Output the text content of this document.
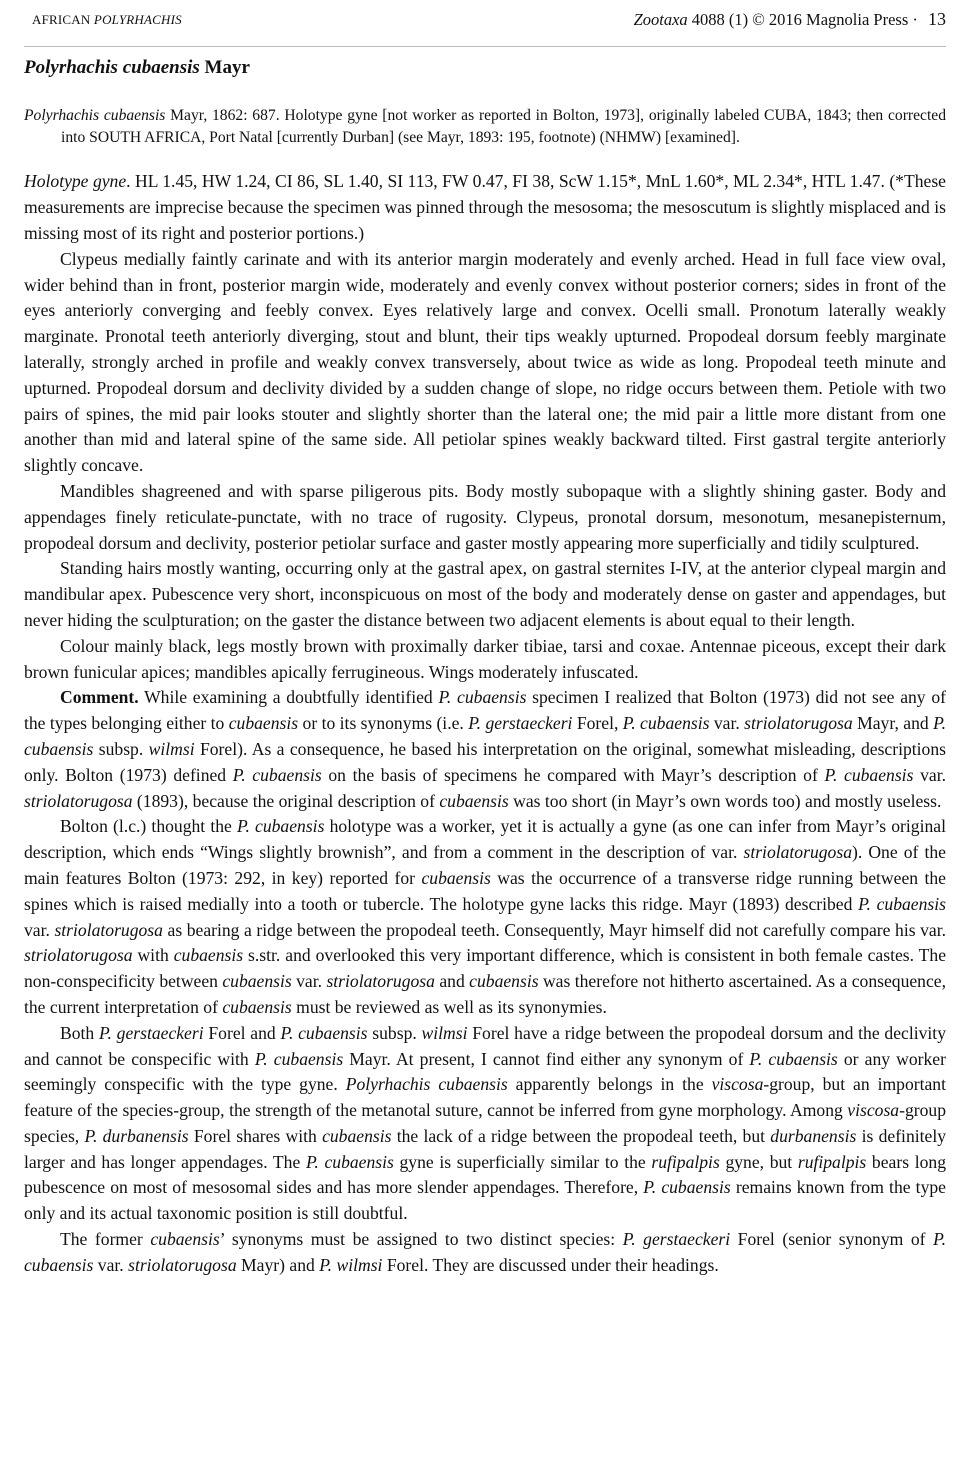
AFRICAN POLYRHACHIS	Zootaxa 4088 (1) © 2016 Magnolia Press · 13
Polyrhachis cubaensis Mayr
Polyrhachis cubaensis Mayr, 1862: 687. Holotype gyne [not worker as reported in Bolton, 1973], originally labeled CUBA, 1843; then corrected into SOUTH AFRICA, Port Natal [currently Durban] (see Mayr, 1893: 195, footnote) (NHMW) [examined].

Holotype gyne. HL 1.45, HW 1.24, CI 86, SL 1.40, SI 113, FW 0.47, FI 38, ScW 1.15*, MnL 1.60*, ML 2.34*, HTL 1.47. (*These measurements are imprecise because the specimen was pinned through the mesosoma; the mesoscutum is slightly misplaced and is missing most of its right and posterior portions.)

Clypeus medially faintly carinate and with its anterior margin moderately and evenly arched. Head in full face view oval, wider behind than in front, posterior margin wide, moderately and evenly convex without posterior corners; sides in front of the eyes anteriorly converging and feebly convex. Eyes relatively large and convex. Ocelli small. Pronotum laterally weakly marginate. Pronotal teeth anteriorly diverging, stout and blunt, their tips weakly upturned. Propodeal dorsum feebly marginate laterally, strongly arched in profile and weakly convex transversely, about twice as wide as long. Propodeal teeth minute and upturned. Propodeal dorsum and declivity divided by a sudden change of slope, no ridge occurs between them. Petiole with two pairs of spines, the mid pair looks stouter and slightly shorter than the lateral one; the mid pair a little more distant from one another than mid and lateral spine of the same side. All petiolar spines weakly backward tilted. First gastral tergite anteriorly slightly concave.

Mandibles shagreened and with sparse piligerous pits. Body mostly subopaque with a slightly shining gaster. Body and appendages finely reticulate-punctate, with no trace of rugosity. Clypeus, pronotal dorsum, mesonotum, mesanepisternum, propodeal dorsum and declivity, posterior petiolar surface and gaster mostly appearing more superficially and tidily sculptured.

Standing hairs mostly wanting, occurring only at the gastral apex, on gastral sternites I-IV, at the anterior clypeal margin and mandibular apex. Pubescence very short, inconspicuous on most of the body and moderately dense on gaster and appendages, but never hiding the sculpturation; on the gaster the distance between two adjacent elements is about equal to their length.

Colour mainly black, legs mostly brown with proximally darker tibiae, tarsi and coxae. Antennae piceous, except their dark brown funicular apices; mandibles apically ferrugineous. Wings moderately infuscated.

Comment. While examining a doubtfully identified P. cubaensis specimen I realized that Bolton (1973) did not see any of the types belonging either to cubaensis or to its synonyms (i.e. P. gerstaeckeri Forel, P. cubaensis var. striolatorugosa Mayr, and P. cubaensis subsp. wilmsi Forel). As a consequence, he based his interpretation on the original, somewhat misleading, descriptions only. Bolton (1973) defined P. cubaensis on the basis of specimens he compared with Mayr’s description of P. cubaensis var. striolatorugosa (1893), because the original description of cubaensis was too short (in Mayr’s own words too) and mostly useless.

Bolton (l.c.) thought the P. cubaensis holotype was a worker, yet it is actually a gyne (as one can infer from Mayr’s original description, which ends “Wings slightly brownish”, and from a comment in the description of var. striolatorugosa). One of the main features Bolton (1973: 292, in key) reported for cubaensis was the occurrence of a transverse ridge running between the spines which is raised medially into a tooth or tubercle. The holotype gyne lacks this ridge. Mayr (1893) described P. cubaensis var. striolatorugosa as bearing a ridge between the propodeal teeth. Consequently, Mayr himself did not carefully compare his var. striolatorugosa with cubaensis s.str. and overlooked this very important difference, which is consistent in both female castes. The non-conspecificity between cubaensis var. striolatorugosa and cubaensis was therefore not hitherto ascertained. As a consequence, the current interpretation of cubaensis must be reviewed as well as its synonymies.

Both P. gerstaeckeri Forel and P. cubaensis subsp. wilmsi Forel have a ridge between the propodeal dorsum and the declivity and cannot be conspecific with P. cubaensis Mayr. At present, I cannot find either any synonym of P. cubaensis or any worker seemingly conspecific with the type gyne. Polyrhachis cubaensis apparently belongs in the viscosa-group, but an important feature of the species-group, the strength of the metanotal suture, cannot be inferred from gyne morphology. Among viscosa-group species, P. durbanensis Forel shares with cubaensis the lack of a ridge between the propodeal teeth, but durbanensis is definitely larger and has longer appendages. The P. cubaensis gyne is superficially similar to the rufipalpis gyne, but rufipalpis bears long pubescence on most of mesosomal sides and has more slender appendages. Therefore, P. cubaensis remains known from the type only and its actual taxonomic position is still doubtful.

The former cubaensis’ synonyms must be assigned to two distinct species: P. gerstaeckeri Forel (senior synonym of P. cubaensis var. striolatorugosa Mayr) and P. wilmsi Forel. They are discussed under their headings.
